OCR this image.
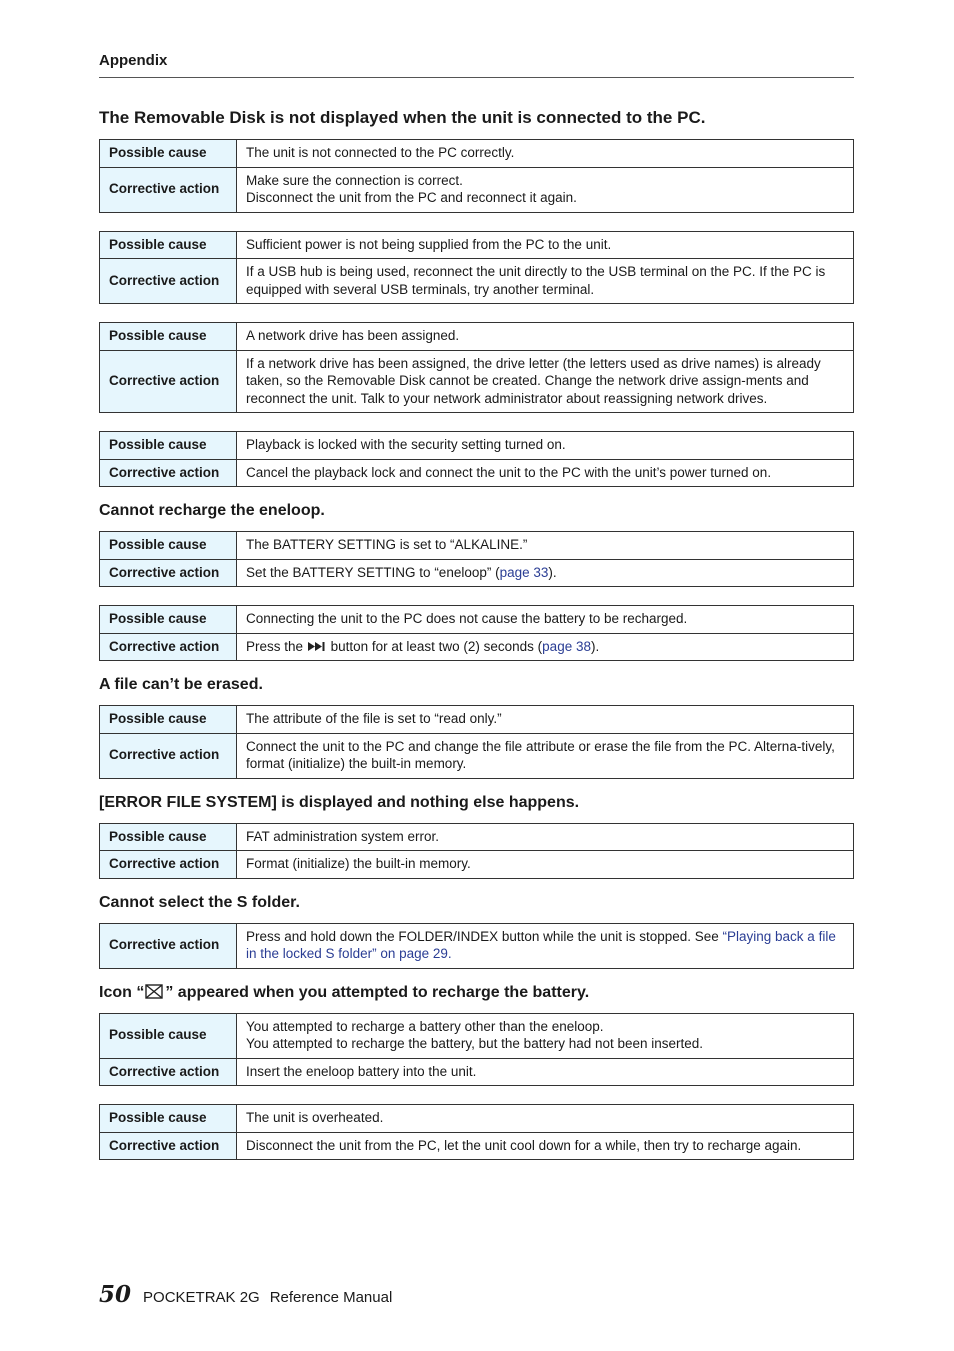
Appendix
The Removable Disk is not displayed when the unit is connected to the PC.
Possible cause	The unit is not connected to the PC correctly.
Corrective action	Make sure the connection is correct.
Disconnect the unit from the PC and reconnect it again.
Possible cause	Sufficient power is not being supplied from the PC to the unit.
Corrective action	If a USB hub is being used, reconnect the unit directly to the USB terminal on the PC. If the PC is equipped with several USB terminals, try another terminal.
Possible cause	A network drive has been assigned.
Corrective action	If a network drive has been assigned, the drive letter (the letters used as drive names) is already taken, so the Removable Disk cannot be created. Change the network drive assign-ments and reconnect the unit. Talk to your network administrator about reassigning network drives.
Possible cause	Playback is locked with the security setting turned on.
Corrective action	Cancel the playback lock and connect the unit to the PC with the unit’s power turned on.
Cannot recharge the eneloop.
Possible cause	The BATTERY SETTING is set to “ALKALINE.”
Corrective action	Set the BATTERY SETTING to “eneloop” (page 33).
Possible cause	Connecting the unit to the PC does not cause the battery to be recharged.
Corrective action	Press the button for at least two (2) seconds (page 38).
A file can’t be erased.
Possible cause	The attribute of the file is set to “read only.”
Corrective action	Connect the unit to the PC and change the file attribute or erase the file from the PC. Alterna-tively, format (initialize) the built-in memory.
[ERROR FILE SYSTEM] is displayed and nothing else happens.
Possible cause	FAT administration system error.
Corrective action	Format (initialize) the built-in memory.
Cannot select the S folder.
Corrective action	Press and hold down the FOLDER/INDEX button while the unit is stopped. See “Playing back a file in the locked S folder” on page 29.
Icon “ ” appeared when you attempted to recharge the battery.
Possible cause	You attempted to recharge a battery other than the eneloop.
You attempted to recharge the battery, but the battery had not been inserted.

Corrective action	Insert the eneloop battery into the unit.
Possible cause	The unit is overheated.
Corrective action	Disconnect the unit from the PC, let the unit cool down for a while, then try to recharge again.
50 POCKETRAK 2G Reference Manual
